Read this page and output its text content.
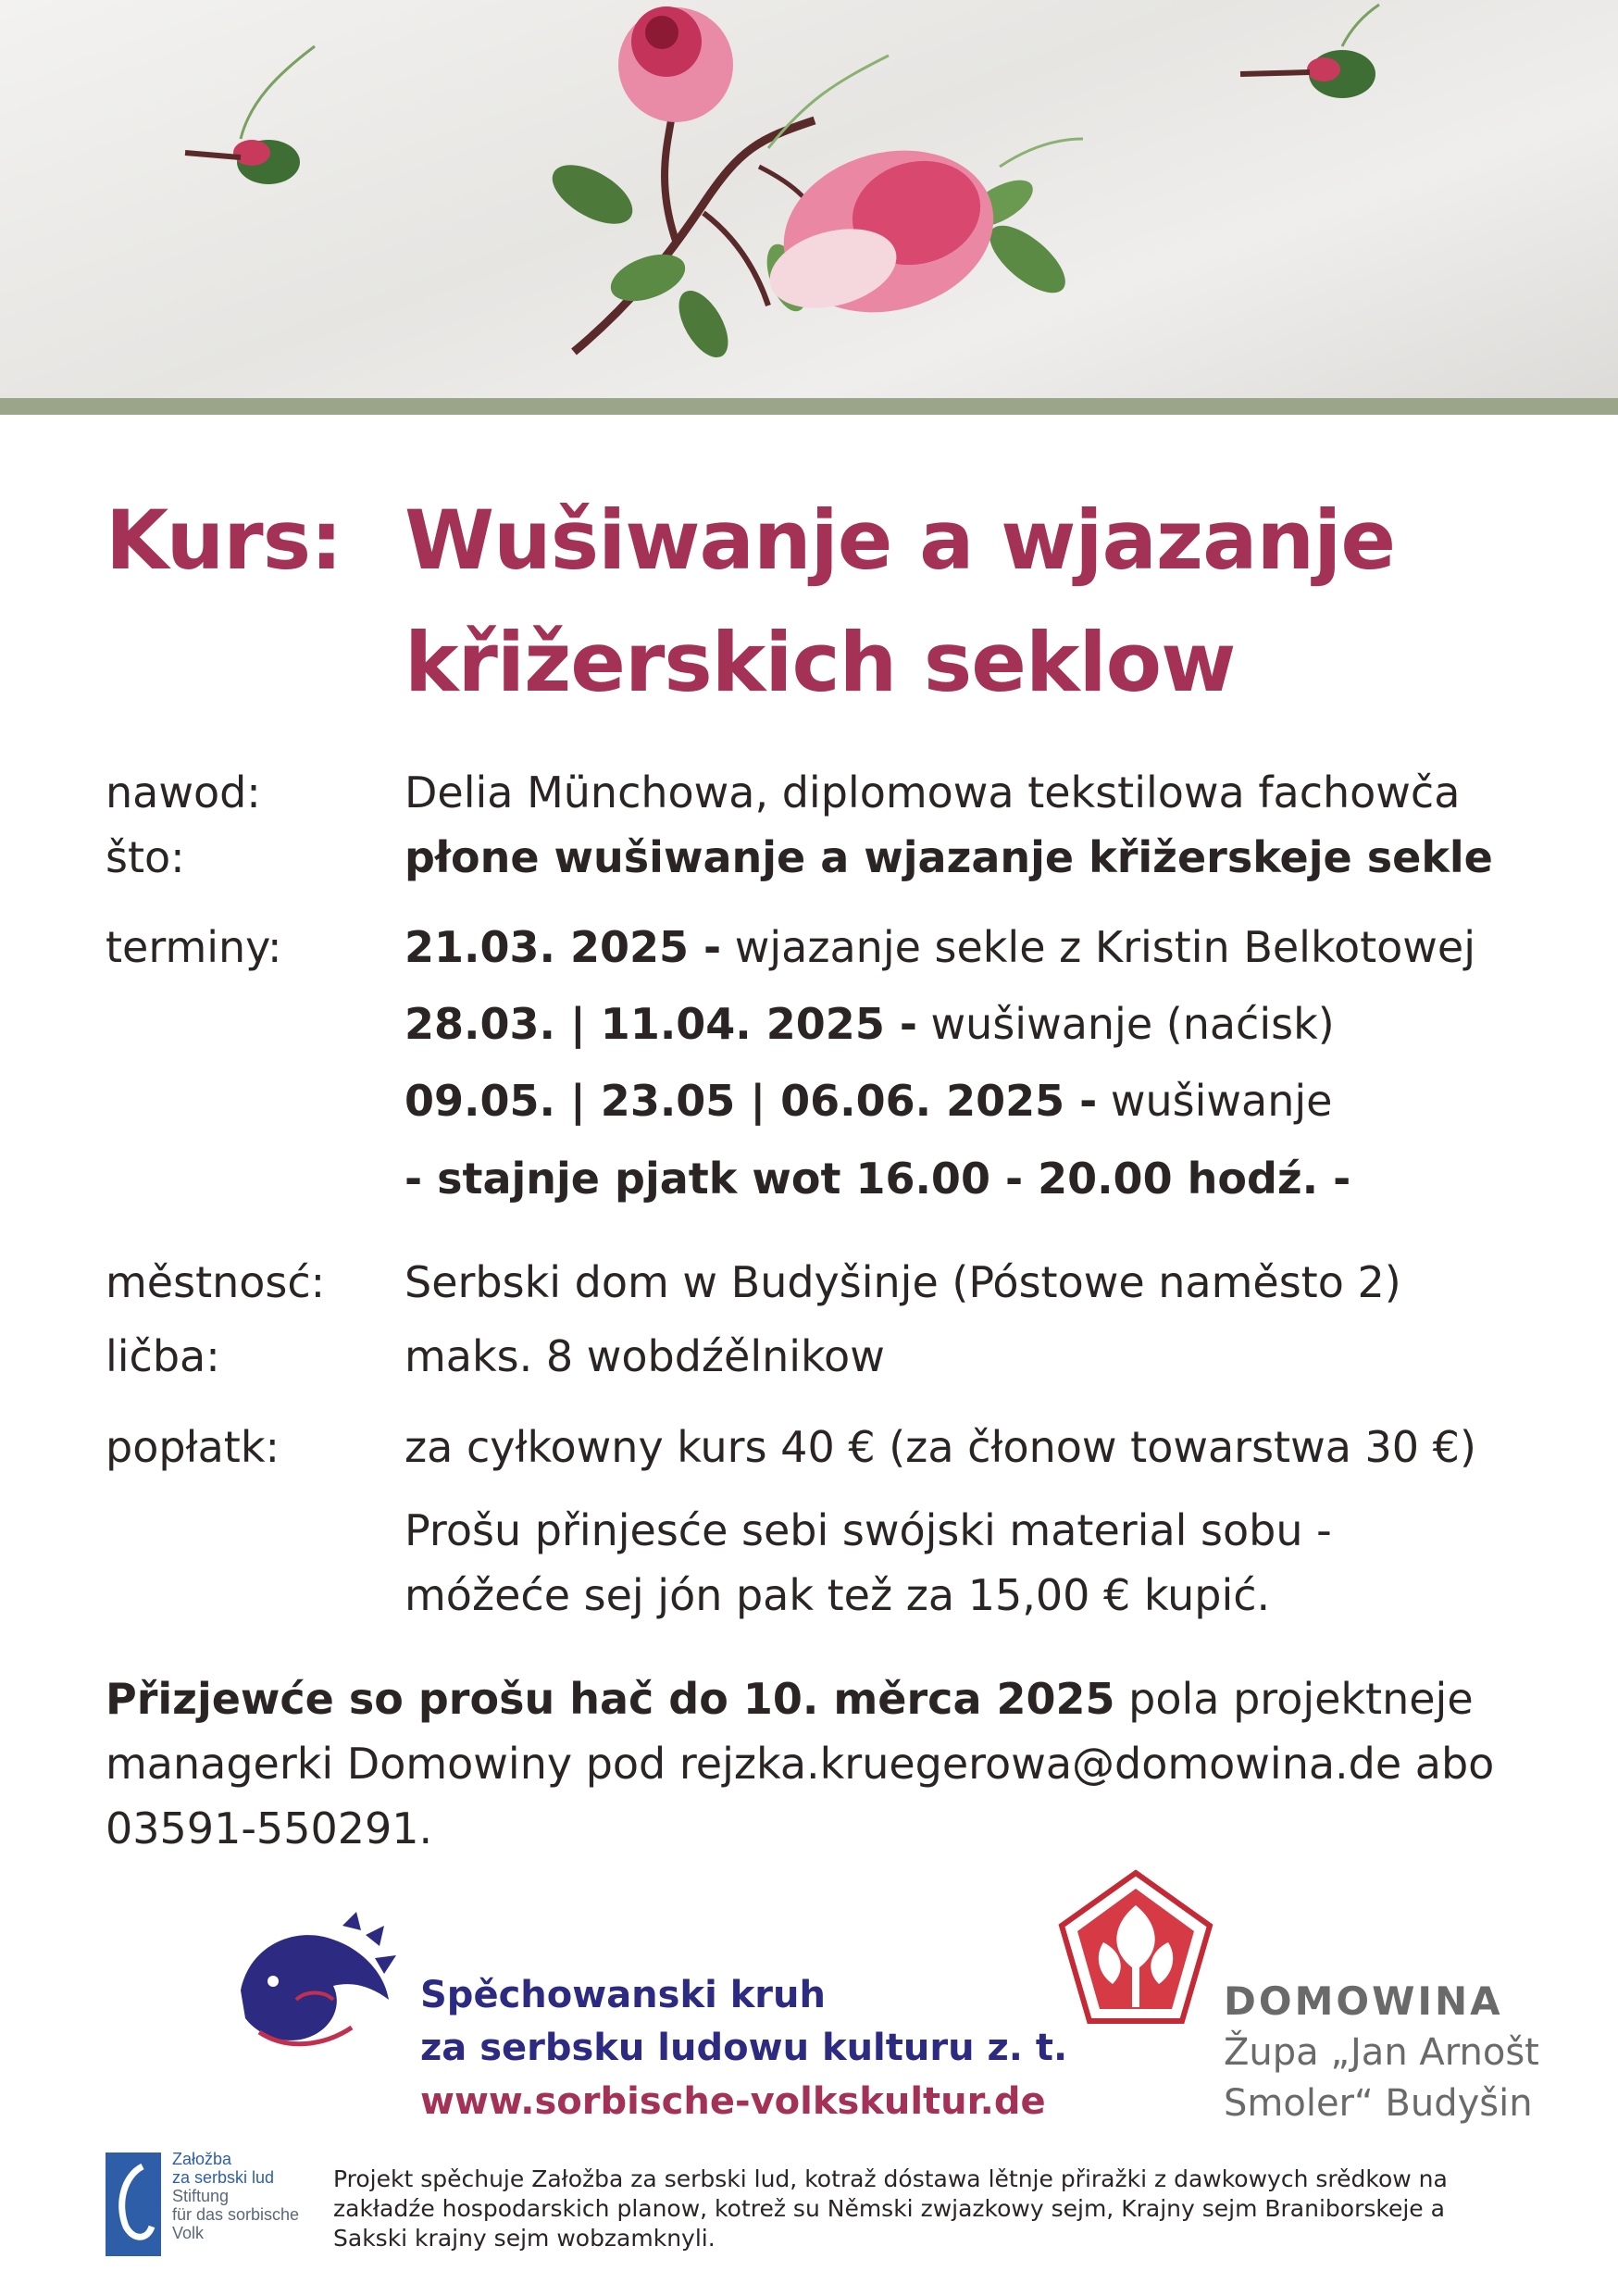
Kurs: Wušiwanje a wjazanje
křižerskich seklow
nawod:	Delia Münchowa, diplomowa tekstilowa fachowča
što:	płone wušiwanje a wjazanje křižerskeje sekle
terminy:	21.03. 2025 - wjazanje sekle z Kristin Belkotowej
28.03. | 11.04. 2025 - wušiwanje (naćisk)
09.05. | 23.05 | 06.06. 2025 - wušiwanje
- stajnje pjatk wot 16.00 - 20.00 hodź. -
městnosć: Serbski dom w Budyšinje (Póstowe naměsto 2)
ličba:	maks. 8 wobdźělnikow
popłatk:	za cyłkowny kurs 40 € (za čłonow towarstwa 30 €)
Prošu přinjesće sebi swójski material sobu -
móžeće sej jón pak tež za 15,00 € kupić.
Přizjewće so prošu hač do 10. měrca 2025 pola projektneje managerki Domowiny pod rejzka.kruegerowa@domowina.de abo 03591-550291.
Spěchowanski kruh
za serbsku ludowu kulturu z. t.
www.sorbische-volkskultur.de
DOMOWINA
Župa „Jan Arnošt
Smoler“ Budyšin
Załožba
za serbski lud
Stiftung
für das sorbische
Volk
Projekt spěchuje Załožba za serbski lud, kotraž dóstawa lětnje přiražki z dawkowych srědkow na zakładźe hospodarskich planow, kotrež su Němski zwjazkowy sejm, Krajny sejm Braniborskeje a Sakski krajny sejm wobzamknyli.
